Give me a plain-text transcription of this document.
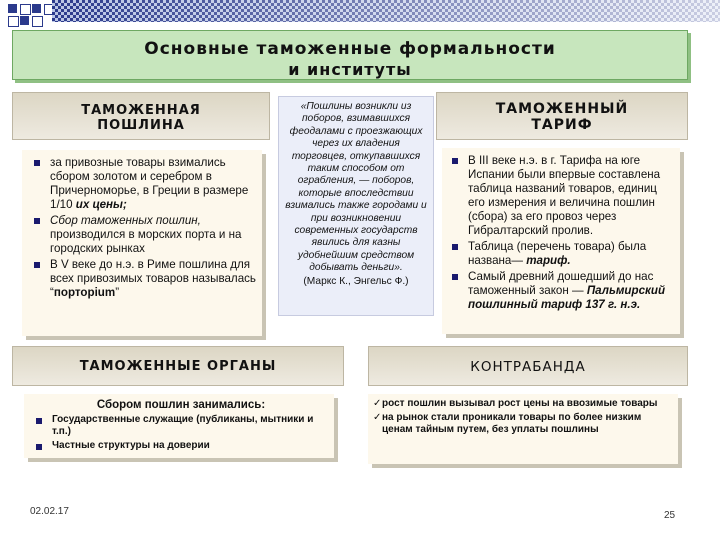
Основные таможенные формальности
и институты
ТАМОЖЕННАЯ ПОШЛИНА
за привозные товары взимались сбором золотом и серебром в Причерноморье, в Греции в размере 1/10 их цены;
Сбор таможенных пошлин, производился в морских порта и на городских рынках
В V веке до н.э. в Риме пошлина для всех привозимых товаров называлась “порторium”
«Пошлины возникли из поборов, взимавшихся феодалами с проезжающих через их владения торговцев, откупавшихся таким способом от ограбления, — поборов, которые впоследствии взимались также городами и при возникновении современных государств явились для казны удобнейшим средством добывать деньги».
(Маркс К., Энгельс Ф.)
ТАМОЖЕННЫЙ
ТАРИФ
В III веке н.э. в г. Тарифа на юге Испании были впервые составлена таблица названий товаров, единиц его измерения и величина пошлин (сбора) за его провоз через Гибралтарский пролив.
Таблица (перечень товара) была названа— тариф.
Самый древний дошедший до нас таможенный закон — Пальмирский пошлинный тариф 137 г. н.э.
ТАМОЖЕННЫЕ ОРГАНЫ
Сбором пошлин занимались:
Государственные служащие (публиканы, мытники и т.п.)
Частные структуры на доверии
КОНТРАБАНДА
✓ рост пошлин вызывал рост цены на ввозимые товары
✓ на рынок стали проникали товары по более низким ценам тайным путем, без уплаты пошлины
02.02.17	25
